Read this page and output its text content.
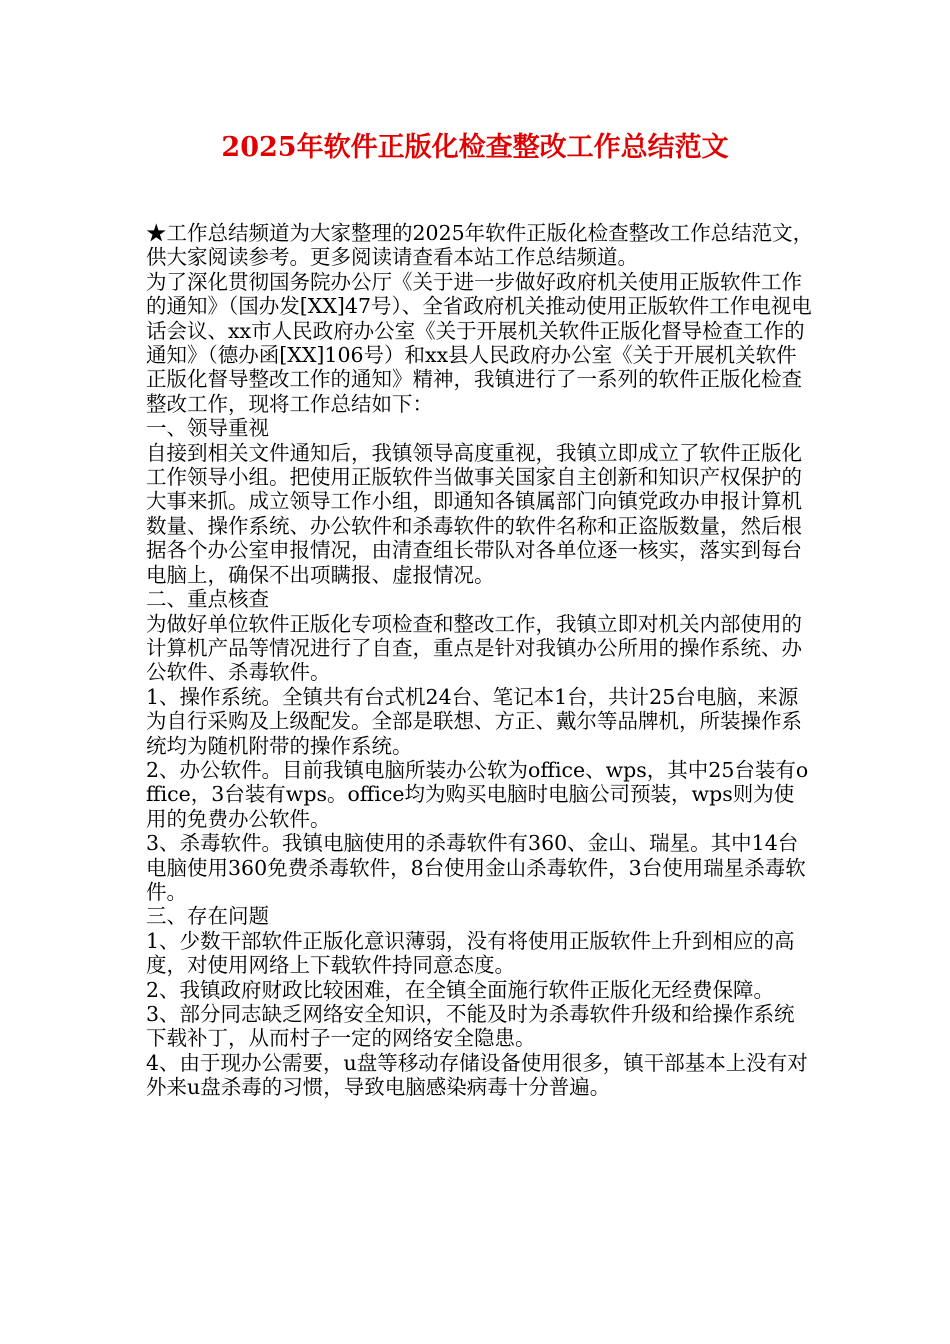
2025年软件正版化检查整改工作总结范文

★工作总结频道为大家整理的2025年软件正版化检查整改工作总结范文，供大家阅读参考。更多阅读请查看本站工作总结频道。

为了深化贯彻国务院办公厅《关于进一步做好政府机关使用正版软件工作的通知》（国办发[XX]47号）、全省政府机关推动使用正版软件工作电视电话会议、xx市人民政府办公室《关于开展机关软件正版化督导检查工作的通知》（德办函[XX]106号）和xx县人民政府办公室《关于开展机关软件正版化督导整改工作的通知》精神，我镇进行了一系列的软件正版化检查整改工作，现将工作总结如下：

一、领导重视

自接到相关文件通知后，我镇领导高度重视，我镇立即成立了软件正版化工作领导小组。把使用正版软件当做事关国家自主创新和知识产权保护的大事来抓。成立领导工作小组，即通知各镇属部门向镇党政办申报计算机数量、操作系统、办公软件和杀毒软件的软件名称和正盗版数量，然后根据各个办公室申报情况，由清查组长带队对各单位逐一核实，落实到每台电脑上，确保不出项瞒报、虚报情况。

二、重点核查

为做好单位软件正版化专项检查和整改工作，我镇立即对机关内部使用的计算机产品等情况进行了自查，重点是针对我镇办公所用的操作系统、办公软件、杀毒软件。

1、操作系统。全镇共有台式机24台、笔记本1台，共计25台电脑，来源为自行采购及上级配发。全部是联想、方正、戴尔等品牌机，所装操作系统均为随机附带的操作系统。

2、办公软件。目前我镇电脑所装办公软为office、wps，其中25台装有office，3台装有wps。office均为购买电脑时电脑公司预装，wps则为使用的免费办公软件。

3、杀毒软件。我镇电脑使用的杀毒软件有360、金山、瑞星。其中14台电脑使用360免费杀毒软件，8台使用金山杀毒软件，3台使用瑞星杀毒软件。

三、存在问题

1、少数干部软件正版化意识薄弱，没有将使用正版软件上升到相应的高度，对使用网络上下载软件持同意态度。

2、我镇政府财政比较困难，在全镇全面施行软件正版化无经费保障。

3、部分同志缺乏网络安全知识，不能及时为杀毒软件升级和给操作系统下载补丁，从而村子一定的网络安全隐患。

4、由于现办公需要，u盘等移动存储设备使用很多，镇干部基本上没有对外来u盘杀毒的习惯，导致电脑感染病毒十分普遍。
